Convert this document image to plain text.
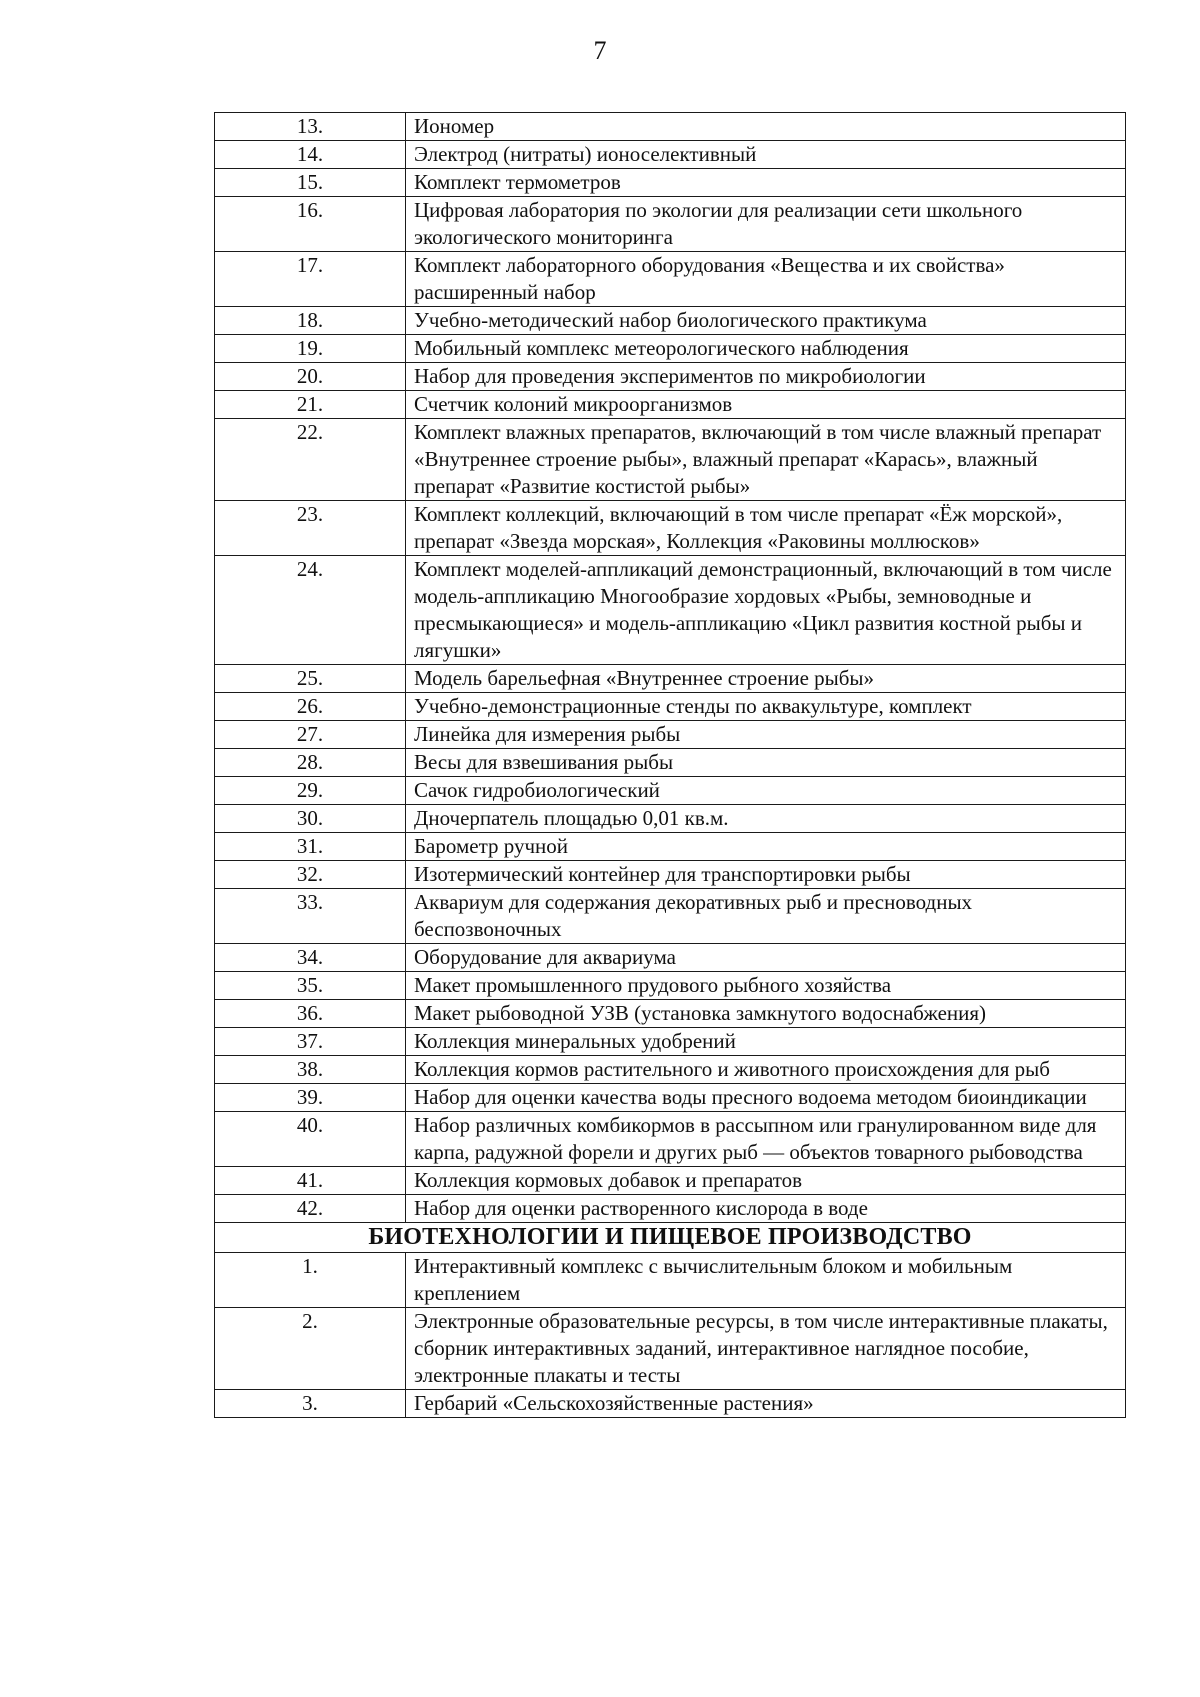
7
13.	Иономер
14.	Электрод (нитраты) ионоселективный
15.	Комплект термометров
16.	Цифровая лаборатория по экологии для реализации сети школьного экологического мониторинга
17.	Комплект лабораторного оборудования «Вещества и их свойства» расширенный набор
18.	Учебно-методический набор биологического практикума
19.	Мобильный комплекс метеорологического наблюдения
20.	Набор для проведения экспериментов по микробиологии
21.	Счетчик колоний микроорганизмов
22.	Комплект влажных препаратов, включающий в том числе влажный препарат «Внутреннее строение рыбы», влажный препарат «Карась», влажный препарат «Развитие костистой рыбы»
23.	Комплект коллекций, включающий в том числе препарат «Ёж морской», препарат «Звезда морская», Коллекция «Раковины моллюсков»
24.	Комплект моделей-аппликаций демонстрационный, включающий в том числе модель-аппликацию Многообразие хордовых «Рыбы, земноводные и пресмыкающиеся» и модель-аппликацию «Цикл развития костной рыбы и лягушки»
25.	Модель барельефная «Внутреннее строение рыбы»
26.	Учебно-демонстрационные стенды по аквакультуре, комплект
27.	Линейка для измерения рыбы
28.	Весы для взвешивания рыбы
29.	Сачок гидробиологический
30.	Дночерпатель площадью 0,01 кв.м.
31.	Барометр ручной
32.	Изотермический контейнер для транспортировки рыбы
33.	Аквариум для содержания декоративных рыб и пресноводных беспозвоночных
34.	Оборудование для аквариума
35.	Макет промышленного прудового рыбного хозяйства
36.	Макет рыбоводной УЗВ (установка замкнутого водоснабжения)
37.	Коллекция минеральных удобрений
38.	Коллекция кормов растительного и животного происхождения для рыб
39.	Набор для оценки качества воды пресного водоема методом биоиндикации
40.	Набор различных комбикормов в рассыпном или гранулированном виде для карпа, радужной форели и других рыб — объектов товарного рыбоводства
41.	Коллекция кормовых добавок и препаратов
42.	Набор для оценки растворенного кислорода в воде
БИОТЕХНОЛОГИИ И ПИЩЕВОЕ ПРОИЗВОДСТВО	
1.	Интерактивный комплекс с вычислительным блоком и мобильным креплением
2.	Электронные образовательные ресурсы, в том числе интерактивные плакаты, сборник интерактивных заданий, интерактивное наглядное пособие, электронные плакаты и тесты
3.	Гербарий «Сельскохозяйственные растения»
